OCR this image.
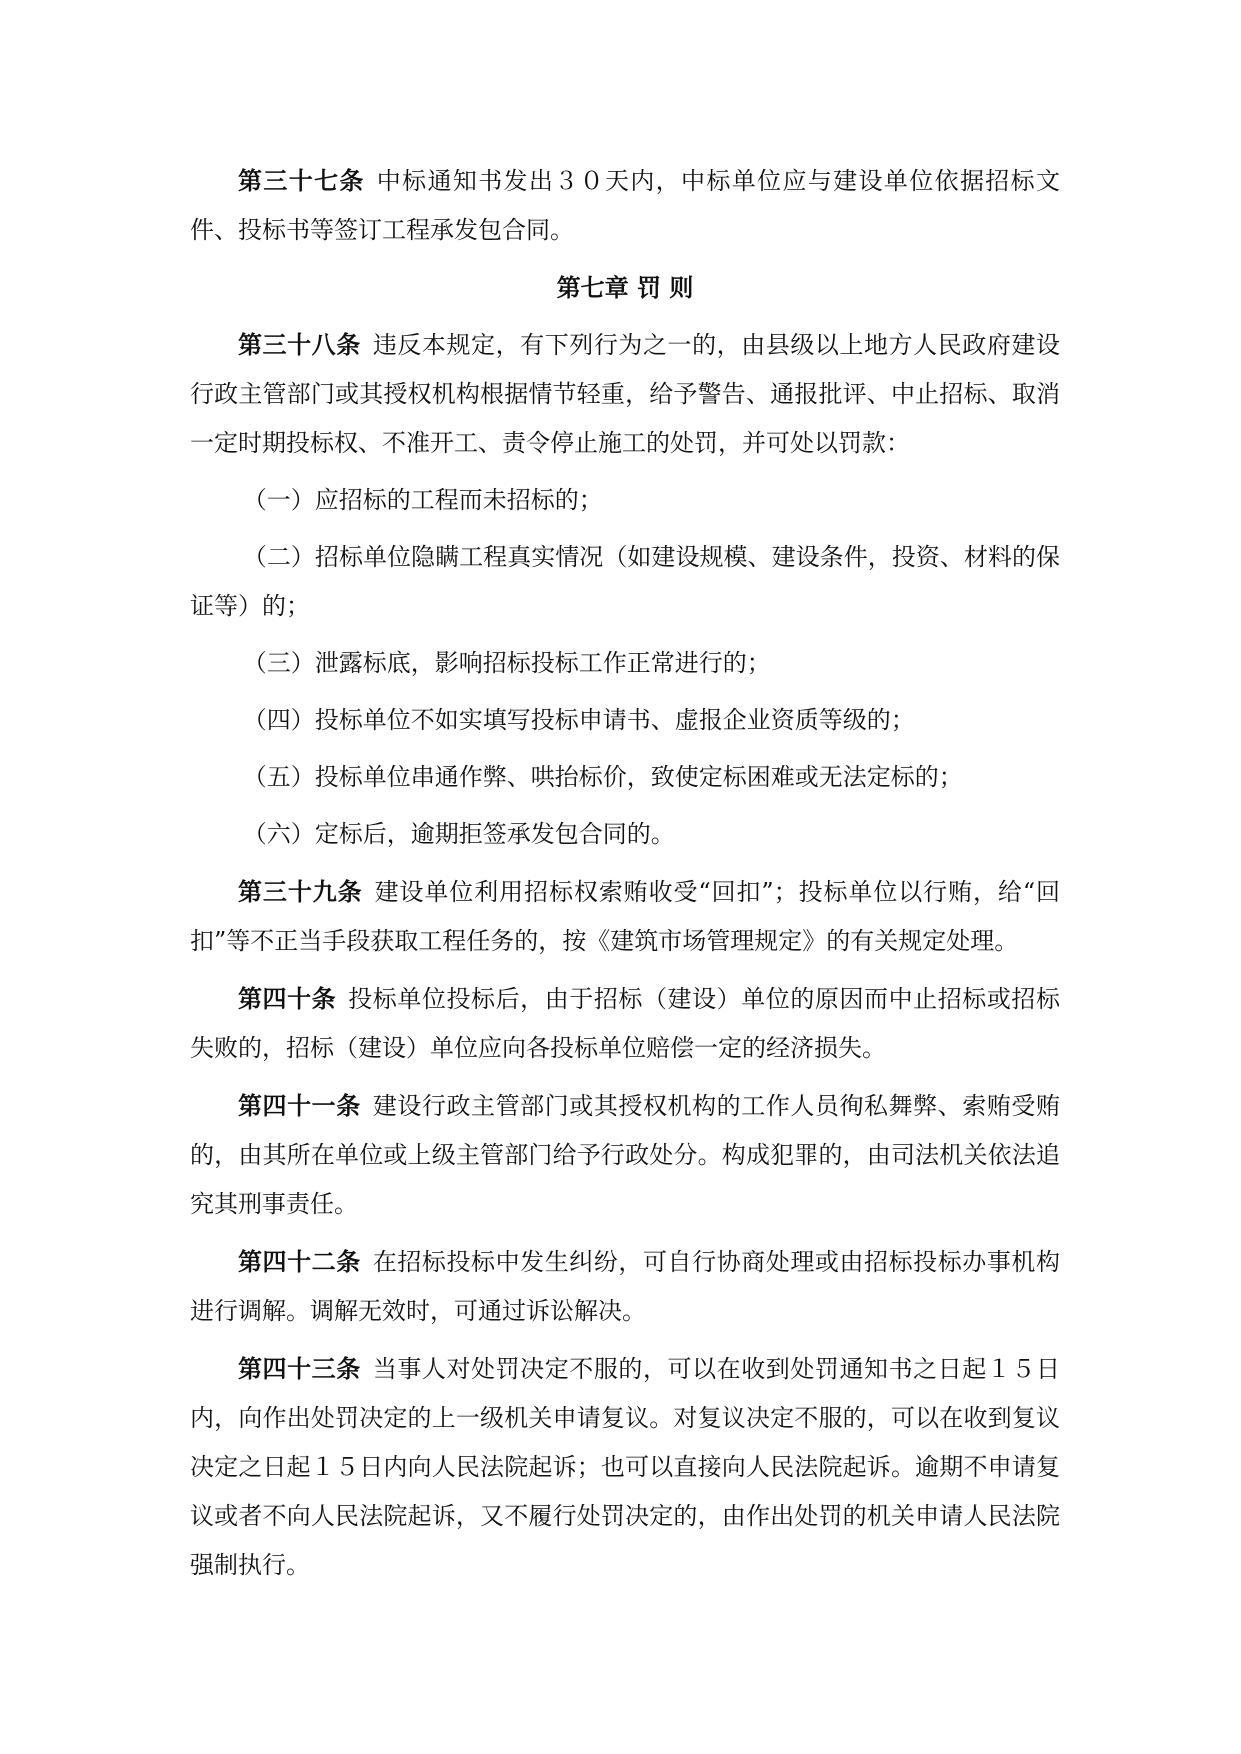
第三十七条 中标通知书发出３０天内，中标单位应与建设单位依据招标文件、投标书等签订工程承发包合同。

第七章 罚 则

第三十八条 违反本规定，有下列行为之一的，由县级以上地方人民政府建设行政主管部门或其授权机构根据情节轻重，给予警告、通报批评、中止招标、取消一定时期投标权、不准开工、责令停止施工的处罚，并可处以罚款：

（一）应招标的工程而未招标的；

（二）招标单位隐瞒工程真实情况（如建设规模、建设条件，投资、材料的保证等）的；

（三）泄露标底，影响招标投标工作正常进行的；

（四）投标单位不如实填写投标申请书、虚报企业资质等级的；

（五）投标单位串通作弊、哄抬标价，致使定标困难或无法定标的；

（六）定标后，逾期拒签承发包合同的。

第三十九条 建设单位利用招标权索贿收受“回扣”；投标单位以行贿，给“回扣”等不正当手段获取工程任务的，按《建筑市场管理规定》的有关规定处理。

第四十条 投标单位投标后，由于招标（建设）单位的原因而中止招标或招标失败的，招标（建设）单位应向各投标单位赔偿一定的经济损失。

第四十一条 建设行政主管部门或其授权机构的工作人员徇私舞弊、索贿受贿的，由其所在单位或上级主管部门给予行政处分。构成犯罪的，由司法机关依法追究其刑事责任。

第四十二条 在招标投标中发生纠纷，可自行协商处理或由招标投标办事机构进行调解。调解无效时，可通过诉讼解决。

第四十三条 当事人对处罚决定不服的，可以在收到处罚通知书之日起１５日内，向作出处罚决定的上一级机关申请复议。对复议决定不服的，可以在收到复议决定之日起１５日内向人民法院起诉；也可以直接向人民法院起诉。逾期不申请复议或者不向人民法院起诉，又不履行处罚决定的，由作出处罚的机关申请人民法院强制执行。
